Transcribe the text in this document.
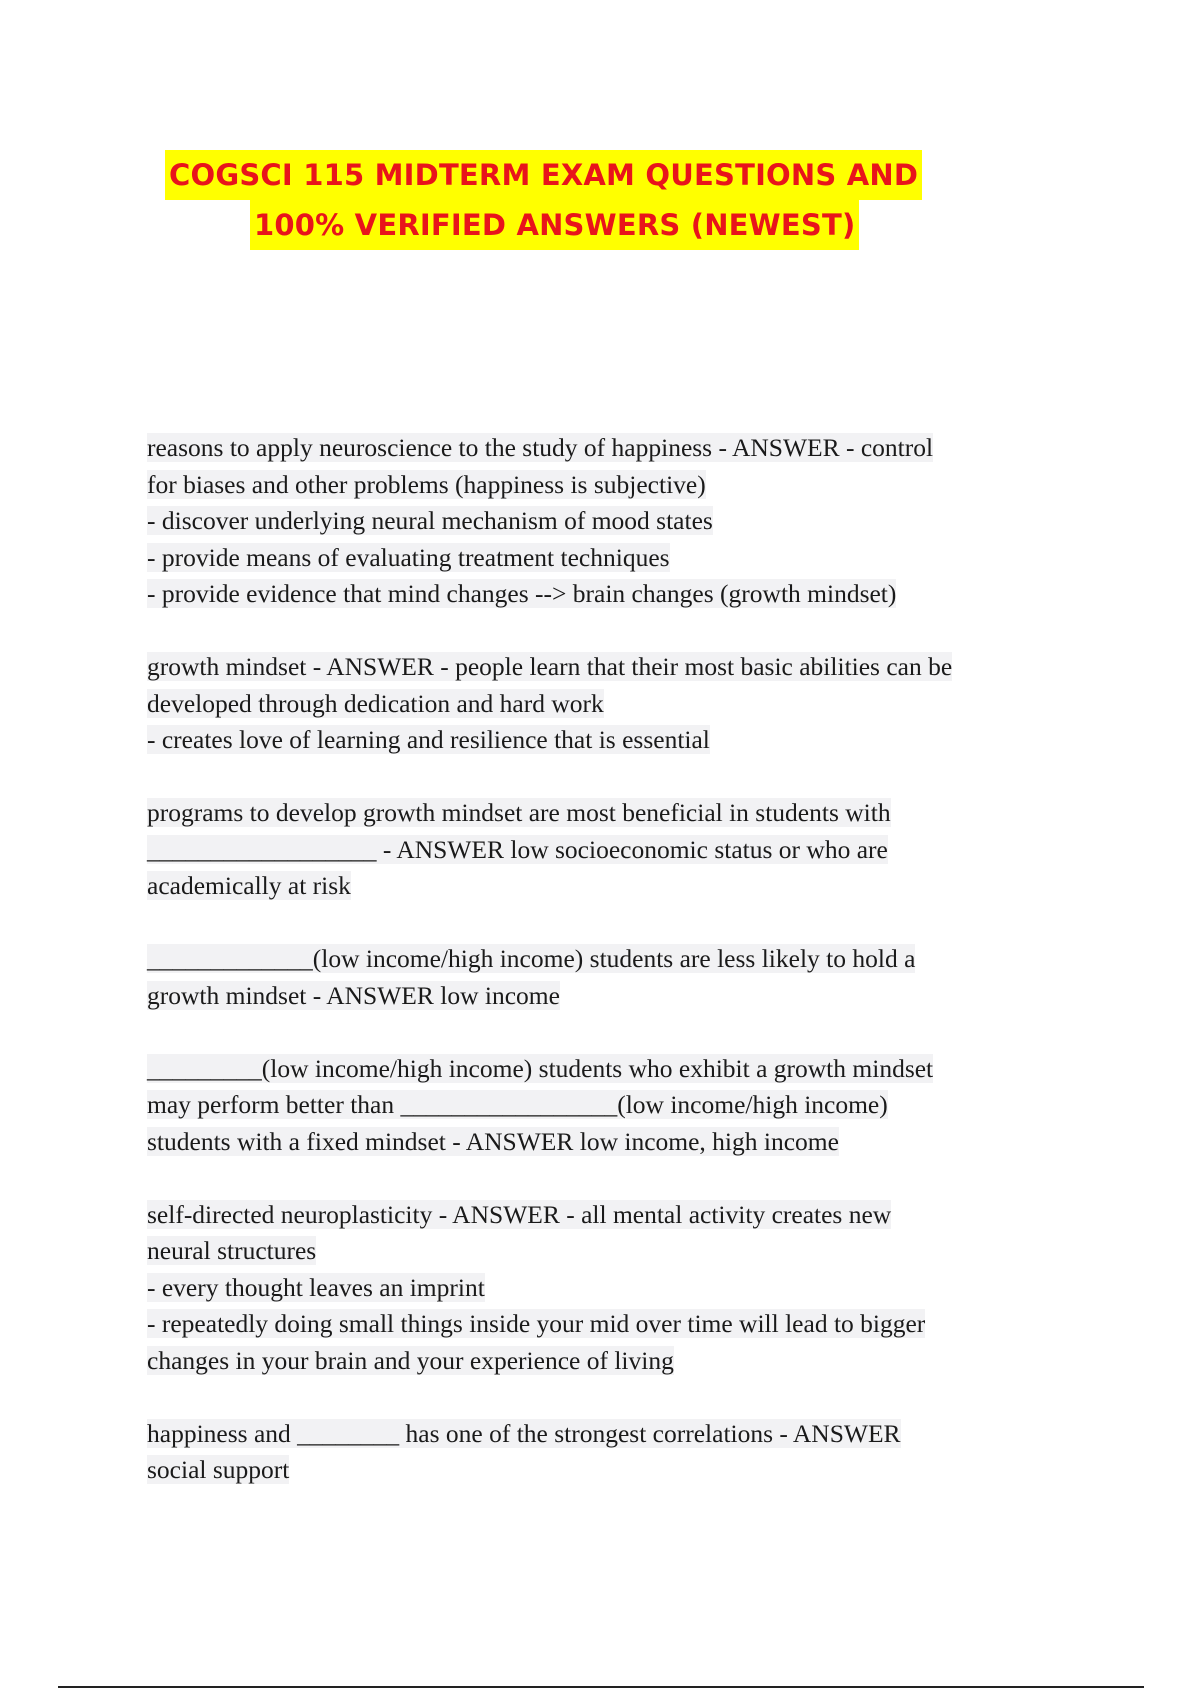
COGSCI 115 MIDTERM EXAM QUESTIONS AND
100% VERIFIED ANSWERS (NEWEST)
reasons to apply neuroscience to the study of happiness - ANSWER - control
for biases and other problems (happiness is subjective)
- discover underlying neural mechanism of mood states
- provide means of evaluating treatment techniques
- provide evidence that mind changes --> brain changes (growth mindset)
growth mindset - ANSWER - people learn that their most basic abilities can be
developed through dedication and hard work
- creates love of learning and resilience that is essential
programs to develop growth mindset are most beneficial in students with
__________________ - ANSWER low socioeconomic status or who are
academically at risk
_____________(low income/high income) students are less likely to hold a
growth mindset - ANSWER low income
_________(low income/high income) students who exhibit a growth mindset
may perform better than _________________(low income/high income)
students with a fixed mindset - ANSWER low income, high income
self-directed neuroplasticity - ANSWER - all mental activity creates new
neural structures
- every thought leaves an imprint
- repeatedly doing small things inside your mid over time will lead to bigger
changes in your brain and your experience of living
happiness and ________ has one of the strongest correlations - ANSWER
social support
